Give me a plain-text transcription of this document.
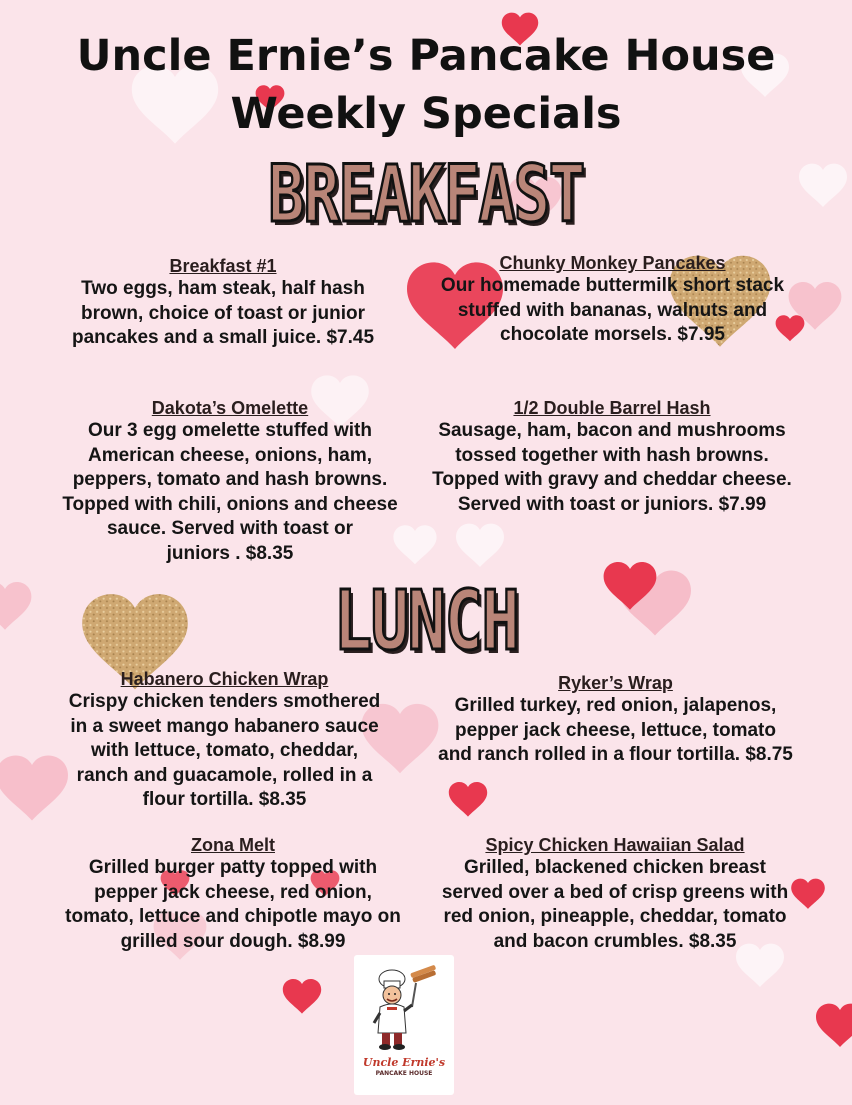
Uncle Ernie’s Pancake House
Weekly Specials
BREAKFAST
Breakfast #1
Two eggs, ham steak, half hash
brown, choice of toast or junior
pancakes and a small juice. $7.45
Chunky Monkey Pancakes
Our homemade buttermilk short stack
stuffed with bananas, walnuts and
chocolate morsels. $7.95
Dakota’s Omelette
Our 3 egg omelette stuffed with
American cheese, onions, ham,
peppers, tomato and hash browns.
Topped with chili, onions and cheese
sauce. Served with toast or
juniors . $8.35
1/2 Double Barrel Hash
Sausage, ham, bacon and mushrooms
tossed together with hash browns.
Topped with gravy and cheddar cheese.
Served with toast or juniors. $7.99
LUNCH
Habanero Chicken Wrap
Crispy chicken tenders smothered
in a sweet mango habanero sauce
with lettuce, tomato, cheddar,
ranch and guacamole, rolled in a
flour tortilla. $8.35
Ryker’s Wrap
Grilled turkey, red onion, jalapenos,
pepper jack cheese, lettuce, tomato
and ranch rolled in a flour tortilla. $8.75
Zona Melt
Grilled burger patty topped with
pepper jack cheese, red onion,
tomato, lettuce and chipotle mayo on
grilled sour dough. $8.99
Spicy Chicken Hawaiian Salad
Grilled, blackened chicken breast
served over a bed of crisp greens with
red onion, pineapple, cheddar, tomato
and bacon crumbles. $8.35
Uncle Ernie's
PANCAKE HOUSE
